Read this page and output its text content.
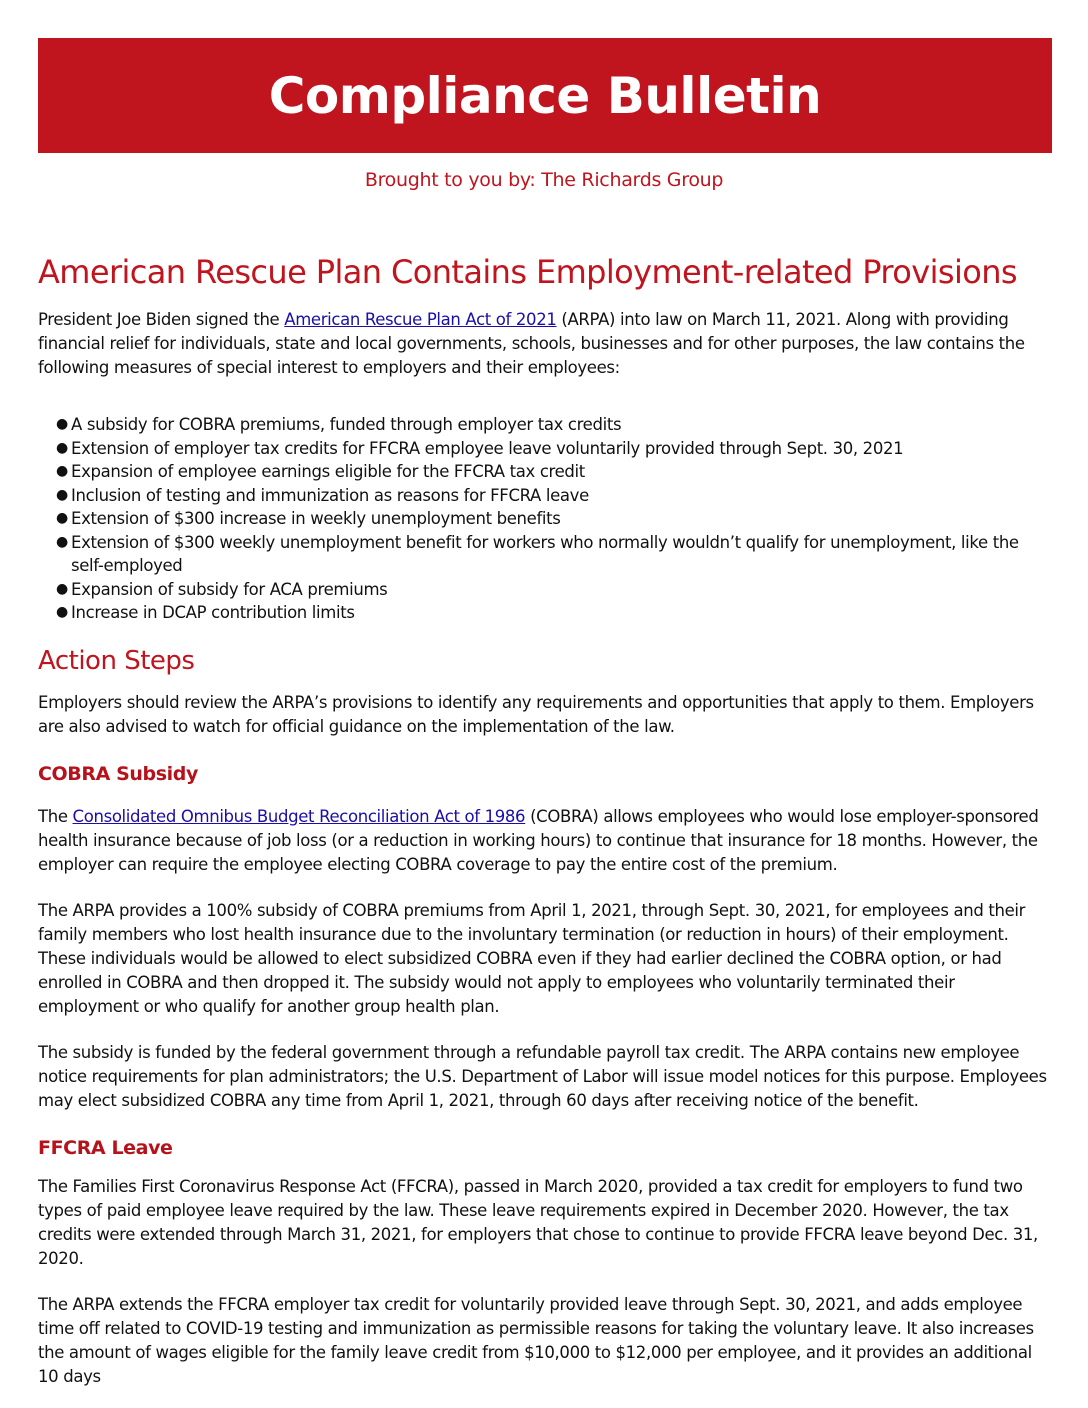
Compliance Bulletin
Brought to you by: The Richards Group
American Rescue Plan Contains Employment-related Provisions

President Joe Biden signed the American Rescue Plan Act of 2021 (ARPA) into law on March 11, 2021. Along with providing financial relief for individuals, state and local governments, schools, businesses and for other purposes, the law contains the following measures of special interest to employers and their employees:

● A subsidy for COBRA premiums, funded through employer tax credits
● Extension of employer tax credits for FFCRA employee leave voluntarily provided through Sept. 30, 2021
● Expansion of employee earnings eligible for the FFCRA tax credit
● Inclusion of testing and immunization as reasons for FFCRA leave
● Extension of $300 increase in weekly unemployment benefits
● Extension of $300 weekly unemployment benefit for workers who normally wouldn’t qualify for unemployment, like the self-employed
● Expansion of subsidy for ACA premiums
● Increase in DCAP contribution limits
Action Steps

Employers should review the ARPA’s provisions to identify any requirements and opportunities that apply to them. Employers are also advised to watch for official guidance on the implementation of the law.

COBRA Subsidy

The Consolidated Omnibus Budget Reconciliation Act of 1986 (COBRA) allows employees who would lose employer-sponsored health insurance because of job loss (or a reduction in working hours) to continue that insurance for 18 months. However, the employer can require the employee electing COBRA coverage to pay the entire cost of the premium.

The ARPA provides a 100% subsidy of COBRA premiums from April 1, 2021, through Sept. 30, 2021, for employees and their family members who lost health insurance due to the involuntary termination (or reduction in hours) of their employment. These individuals would be allowed to elect subsidized COBRA even if they had earlier declined the COBRA option, or had enrolled in COBRA and then dropped it. The subsidy would not apply to employees who voluntarily terminated their employment or who qualify for another group health plan.

The subsidy is funded by the federal government through a refundable payroll tax credit. The ARPA contains new employee notice requirements for plan administrators; the U.S. Department of Labor will issue model notices for this purpose. Employees may elect subsidized COBRA any time from April 1, 2021, through 60 days after receiving notice of the benefit.

FFCRA Leave

The Families First Coronavirus Response Act (FFCRA), passed in March 2020, provided a tax credit for employers to fund two types of paid employee leave required by the law. These leave requirements expired in December 2020. However, the tax credits were extended through March 31, 2021, for employers that chose to continue to provide FFCRA leave beyond Dec. 31, 2020.

The ARPA extends the FFCRA employer tax credit for voluntarily provided leave through Sept. 30, 2021, and adds employee time off related to COVID-19 testing and immunization as permissible reasons for taking the voluntary leave. It also increases the amount of wages eligible for the family leave credit from $10,000 to $12,000 per employee, and it provides an additional 10 days
